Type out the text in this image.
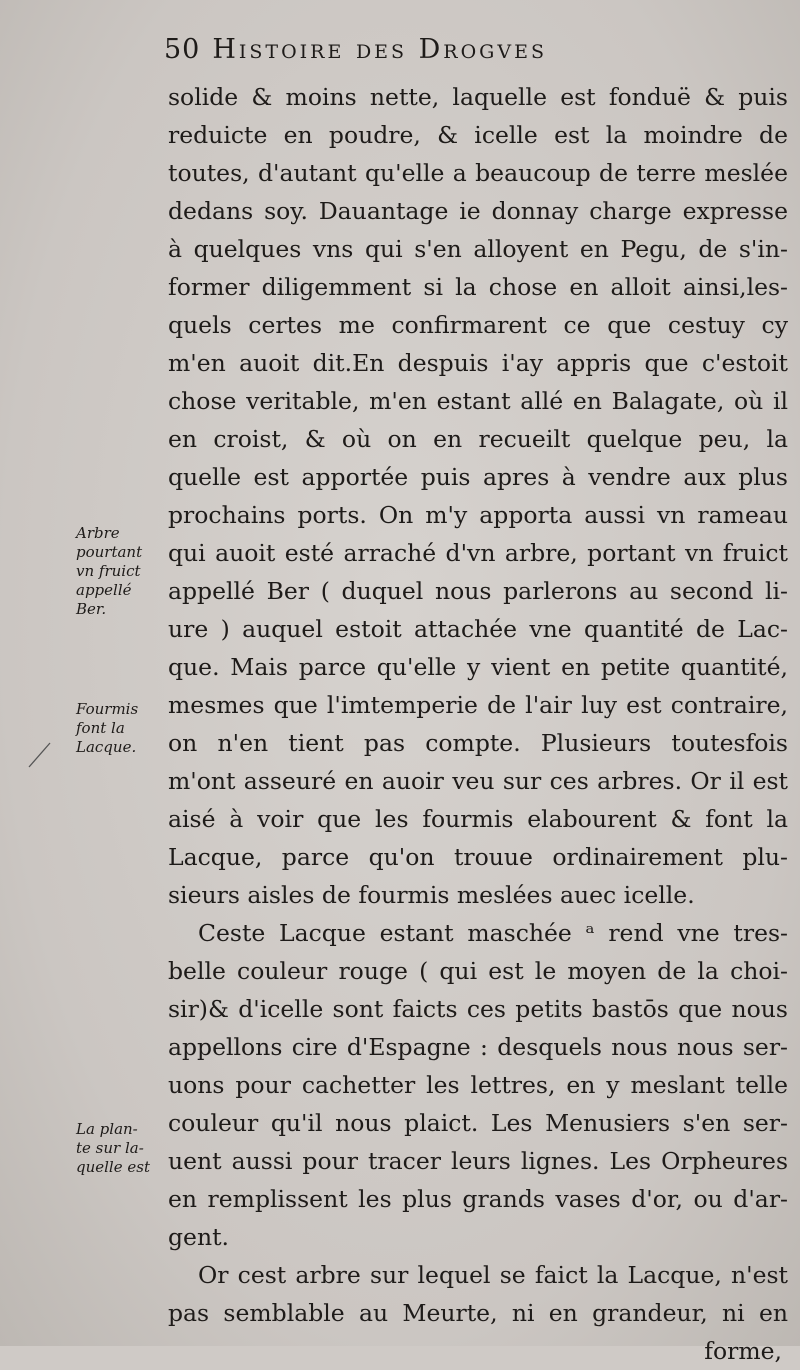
50 Histoire des Drogves
solide & moins nette, laquelle est fonduë & puis
reduicte en poudre, & icelle est la moindre de
toutes, d'autant qu'elle a beaucoup de terre meslée
dedans soy. Dauantage ie donnay charge expresse
à quelques vns qui s'en alloyent en Pegu, de s'in-
former diligemment si la chose en alloit ainsi,les-
quels certes me confirmarent ce que cestuy cy
m'en auoit dit.En despuis i'ay appris que c'estoit
chose veritable, m'en estant allé en Balagate, où il
en croist, & où on en recueilt quelque peu, la
quelle est apportée puis apres à vendre aux plus
prochains ports. On m'y apporta aussi vn rameau
qui auoit esté arraché d'vn arbre, portant vn fruict
appellé Ber ( duquel nous parlerons au second li-
ure ) auquel estoit attachée vne quantité de Lac-
que. Mais parce qu'elle y vient en petite quantité,
mesmes que l'imtemperie de l'air luy est contraire,
on n'en tient pas compte. Plusieurs toutesfois
m'ont asseuré en auoir veu sur ces arbres. Or il est
aisé à voir que les fourmis elabourent & font la
Lacque, parce qu'on trouue ordinairement plu-
sieurs aisles de fourmis meslées auec icelle.
Ceste Lacque estant maschée ᵃ rend vne tres-
belle couleur rouge ( qui est le moyen de la choi-
sir)& d'icelle sont faicts ces petits bastōs que nous
appellons cire d'Espagne : desquels nous nous ser-
uons pour cachetter les lettres, en y meslant telle
couleur qu'il nous plaict. Les Menusiers s'en ser-
uent aussi pour tracer leurs lignes. Les Orpheures
en remplissent les plus grands vases d'or, ou d'ar-
gent.
Or cest arbre sur lequel se faict la Lacque, n'est
pas semblable au Meurte, ni en grandeur, ni en
forme,
Arbre
pourtant
vn fruict
appellé
Ber.
Fourmis
font la
Lacque.
La plan-
te sur la-
quelle est
